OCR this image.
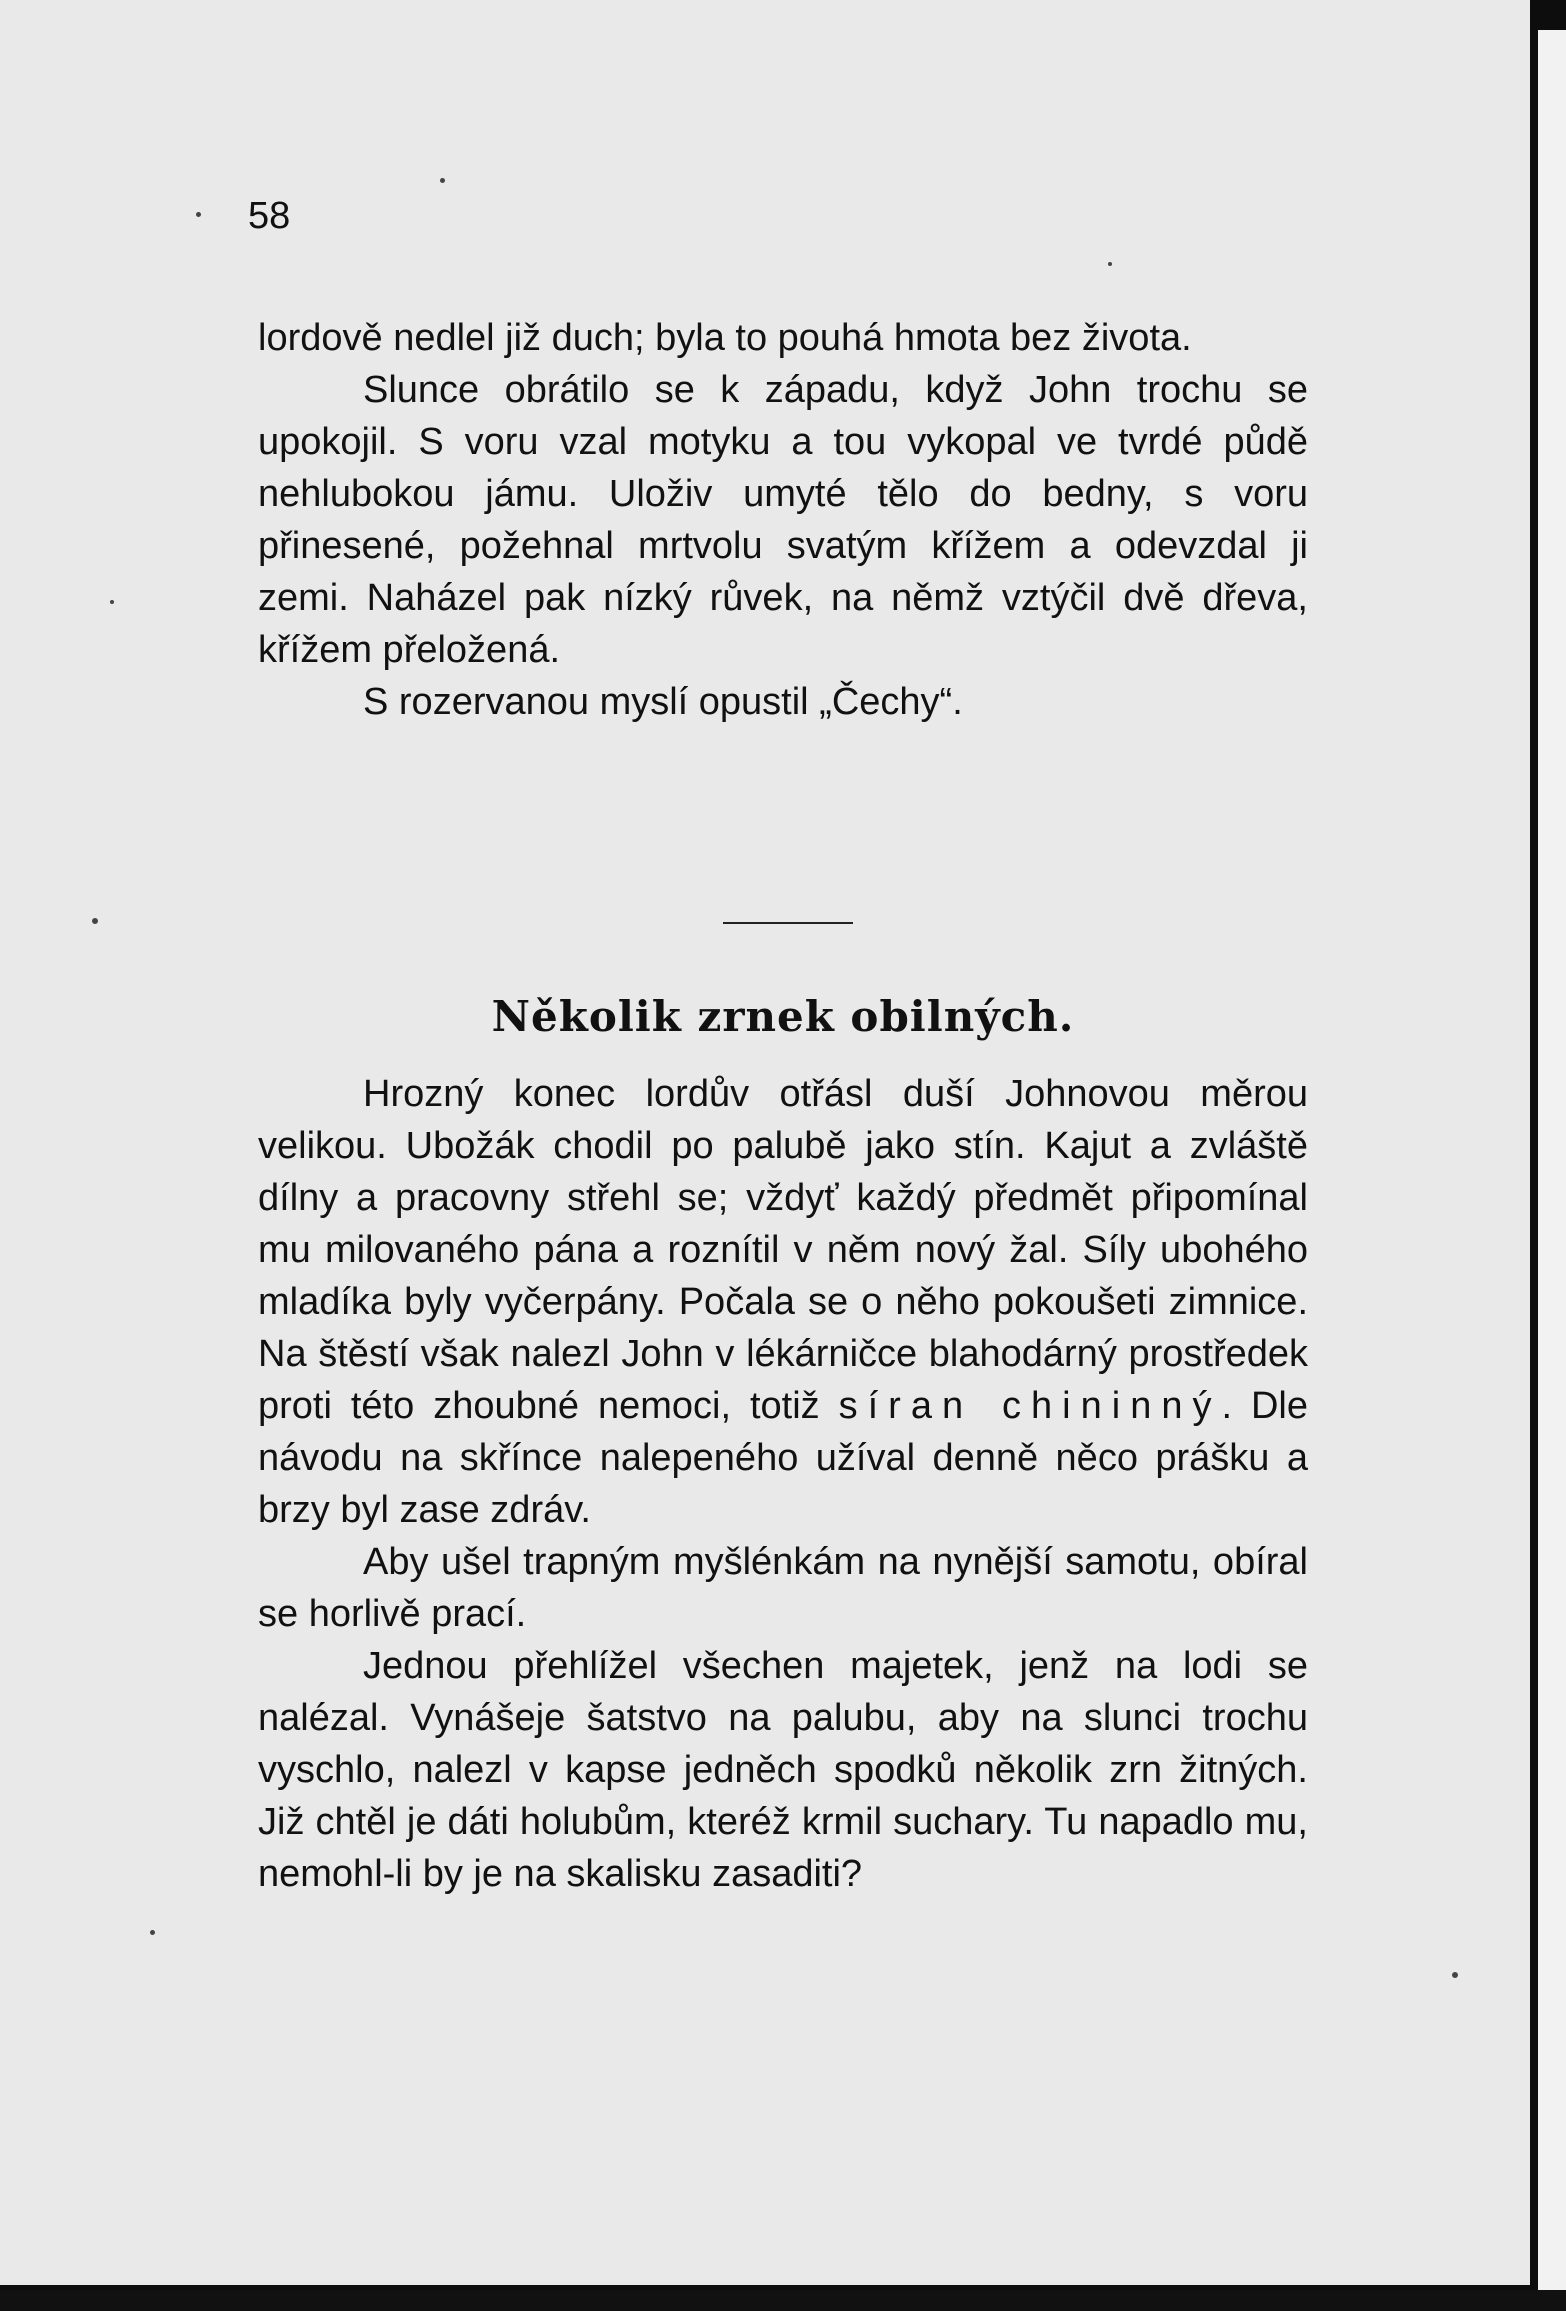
58

lordově nedlel již duch; byla to pouhá hmota bez života.

Slunce obrátilo se k západu, když John trochu se upokojil. S voru vzal motyku a tou vykopal ve tvrdé půdě nehlubokou jámu. Uloživ umyté tělo do bedny, s voru přinesené, požehnal mrtvolu svatým křížem a odevzdal ji zemi. Naházel pak nízký růvek, na němž vztýčil dvě dřeva, křížem přeložená.

S rozervanou myslí opustil „Čechy“.

Několik zrnek obilných.

Hrozný konec lordův otřásl duší Johnovou měrou velikou. Ubožák chodil po palubě jako stín. Kajut a zvláště dílny a pracovny střehl se; vždyť každý předmět připomínal mu milovaného pána a roznítil v něm nový žal. Síly ubohého mladíka byly vyčerpány. Počala se o něho pokoušeti zimnice. Na štěstí však nalezl John v lékárničce blahodárný prostředek proti této zhoubné nemoci, totiž síran chininný. Dle návodu na skřínce nalepeného užíval denně něco prášku a brzy byl zase zdráv.

Aby ušel trapným myšlénkám na nynější samotu, obíral se horlivě prací.

Jednou přehlížel všechen majetek, jenž na lodi se nalézal. Vynášeje šatstvo na palubu, aby na slunci trochu vyschlo, nalezl v kapse jedněch spodků několik zrn žitných. Již chtěl je dáti holubům, kteréž krmil suchary. Tu napadlo mu, nemohl-li by je na skalisku zasaditi?
